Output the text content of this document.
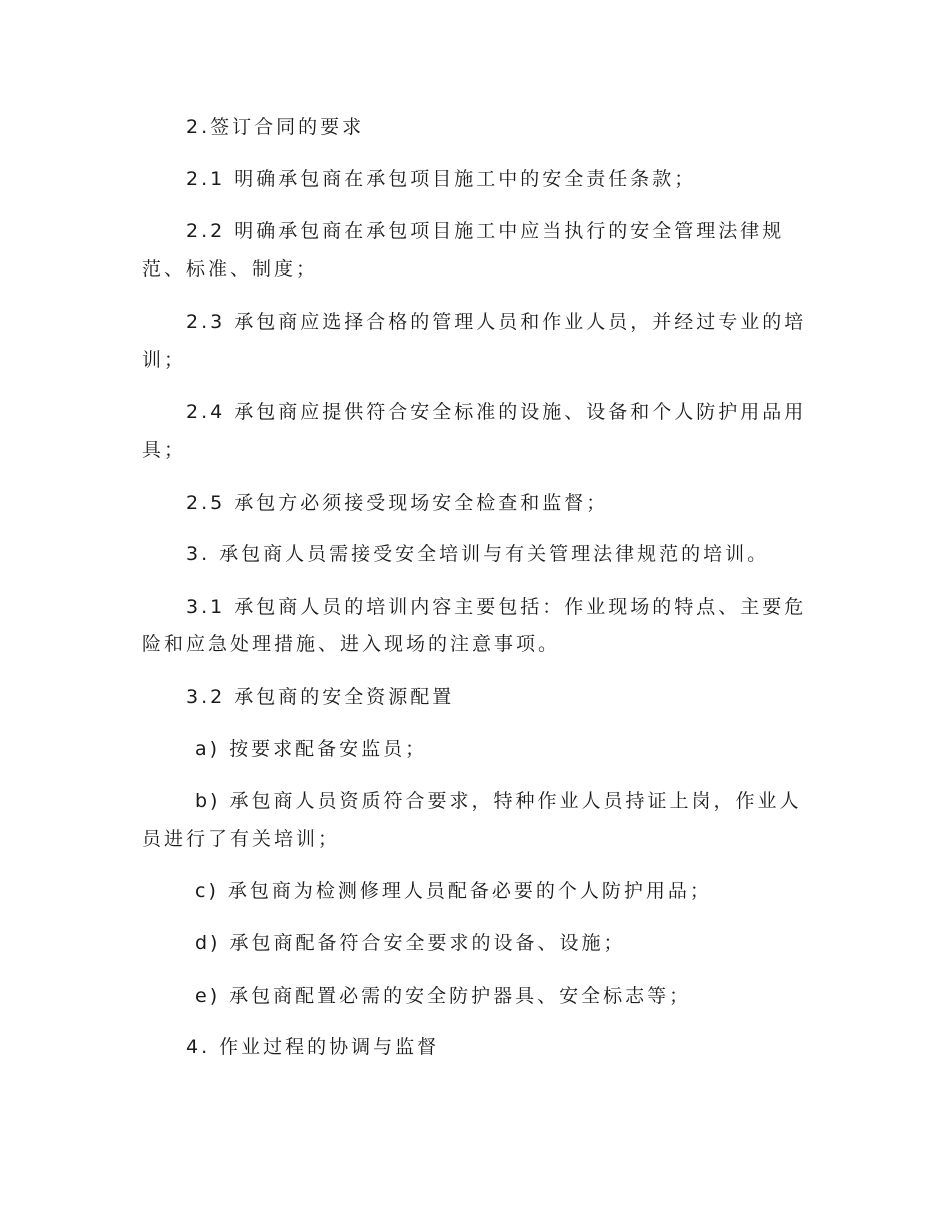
2.签订合同的要求

2.1 明确承包商在承包项目施工中的安全责任条款；

2.2 明确承包商在承包项目施工中应当执行的安全管理法律规

范、标准、制度；

2.3 承包商应选择合格的管理人员和作业人员，并经过专业的培

训；

2.4 承包商应提供符合安全标准的设施、设备和个人防护用品用

具；

2.5 承包方必须接受现场安全检查和监督；

3. 承包商人员需接受安全培训与有关管理法律规范的培训。

3.1 承包商人员的培训内容主要包括：作业现场的特点、主要危

险和应急处理措施、进入现场的注意事项。

3.2 承包商的安全资源配置

a) 按要求配备安监员；

b) 承包商人员资质符合要求，特种作业人员持证上岗，作业人

员进行了有关培训；

c) 承包商为检测修理人员配备必要的个人防护用品；

d) 承包商配备符合安全要求的设备、设施；

e) 承包商配置必需的安全防护器具、安全标志等；

4. 作业过程的协调与监督
